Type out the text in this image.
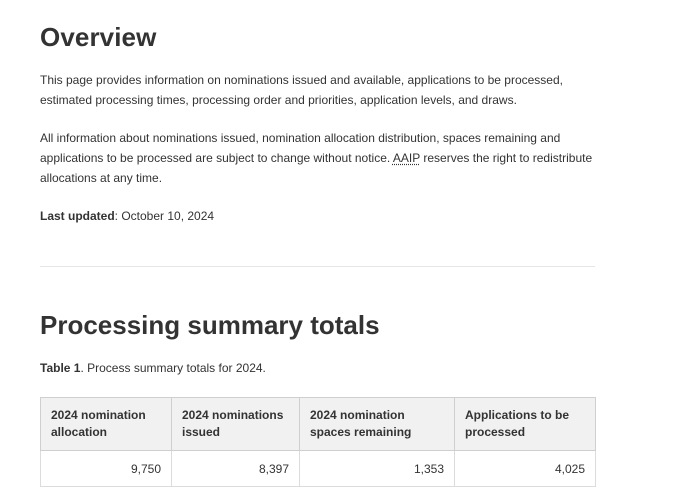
Overview

This page provides information on nominations issued and available, applications to be processed, estimated processing times, processing order and priorities, application levels, and draws.

All information about nominations issued, nomination allocation distribution, spaces remaining and applications to be processed are subject to change without notice. AAIP reserves the right to redistribute allocations at any time.

Last updated: October 10, 2024

Processing summary totals

Table 1. Process summary totals for 2024.

2024 nomination allocation	2024 nominations issued	2024 nomination spaces remaining	Applications to be processed
9,750	8,397	1,353	4,025
